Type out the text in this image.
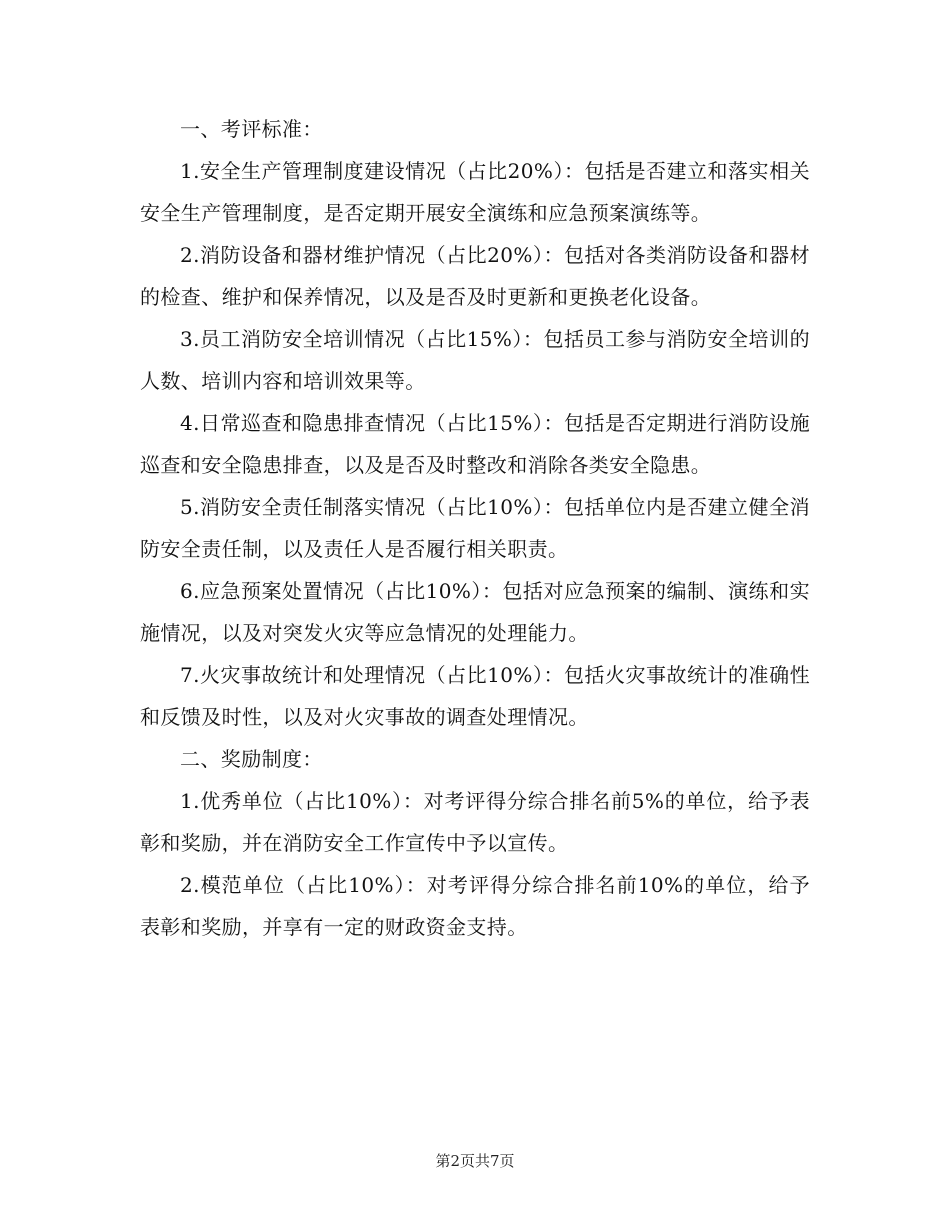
一、考评标准：

1.安全生产管理制度建设情况（占比20%）：包括是否建立和落实相关安全生产管理制度，是否定期开展安全演练和应急预案演练等。

2.消防设备和器材维护情况（占比20%）：包括对各类消防设备和器材的检查、维护和保养情况，以及是否及时更新和更换老化设备。

3.员工消防安全培训情况（占比15%）：包括员工参与消防安全培训的人数、培训内容和培训效果等。

4.日常巡查和隐患排查情况（占比15%）：包括是否定期进行消防设施巡查和安全隐患排查，以及是否及时整改和消除各类安全隐患。

5.消防安全责任制落实情况（占比10%）：包括单位内是否建立健全消防安全责任制，以及责任人是否履行相关职责。

6.应急预案处置情况（占比10%）：包括对应急预案的编制、演练和实施情况，以及对突发火灾等应急情况的处理能力。

7.火灾事故统计和处理情况（占比10%）：包括火灾事故统计的准确性和反馈及时性，以及对火灾事故的调查处理情况。

二、奖励制度：

1.优秀单位（占比10%）：对考评得分综合排名前5%的单位，给予表彰和奖励，并在消防安全工作宣传中予以宣传。

2.模范单位（占比10%）：对考评得分综合排名前10%的单位，给予表彰和奖励，并享有一定的财政资金支持。

第2页共7页
